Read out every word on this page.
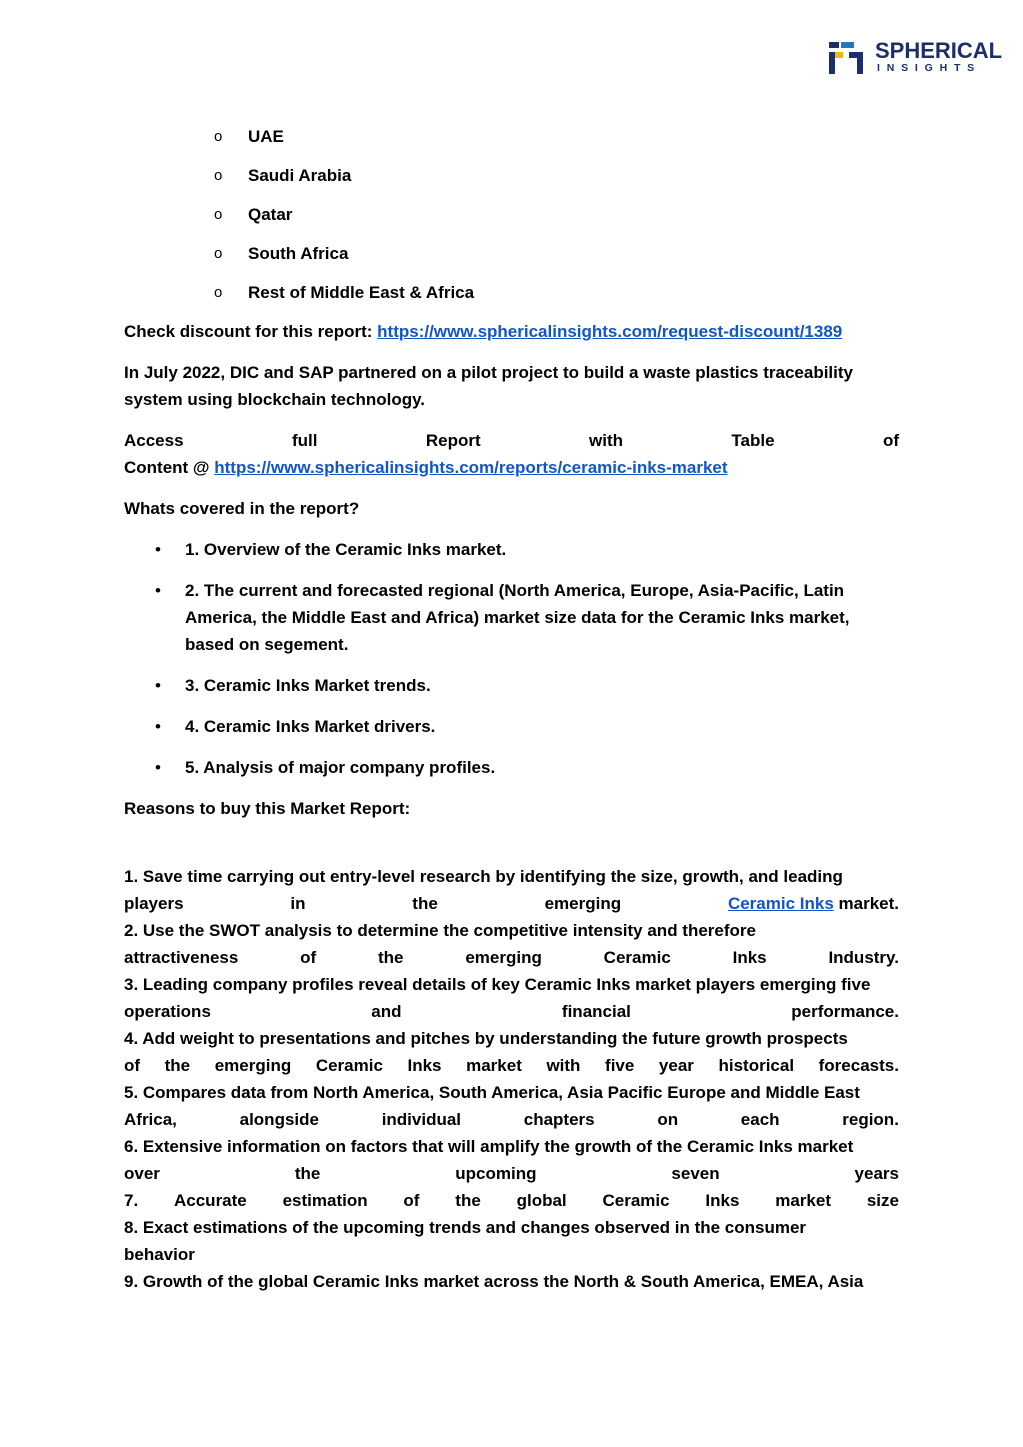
SPHERICAL
INSIGHTS
o UAE
o Saudi Arabia
o Qatar
o South Africa
o Rest of Middle East & Africa
Check discount for this report: https://www.sphericalinsights.com/request-discount/1389
In July 2022, DIC and SAP partnered on a pilot project to build a waste plastics traceability
system using blockchain technology.
Access	full	Report	with	Table	of
Content @ https://www.sphericalinsights.com/reports/ceramic-inks-market
Whats covered in the report?
• 1. Overview of the Ceramic Inks market.
• 2. The current and forecasted regional (North America, Europe, Asia-Pacific, Latin
America, the Middle East and Africa) market size data for the Ceramic Inks market,
based on segement.
• 3. Ceramic Inks Market trends.
• 4. Ceramic Inks Market drivers.
• 5. Analysis of major company profiles.
Reasons to buy this Market Report:
1. Save time carrying out entry-level research by identifying the size, growth, and leading
players	in	the	emerging	Ceramic Inks market.
2. Use the SWOT analysis to determine the competitive intensity and therefore
attractiveness	of	the	emerging	Ceramic	Inks	Industry.
3. Leading company profiles reveal details of key Ceramic Inks market players emerging five
operations	and	financial	performance.
4. Add weight to presentations and pitches by understanding the future growth prospects
of the emerging Ceramic Inks market with five year historical forecasts.
5. Compares data from North America, South America, Asia Pacific Europe and Middle East
Africa,	alongside	individual	chapters	on	each	region.
6. Extensive information on factors that will amplify the growth of the Ceramic Inks market
over	the	upcoming	seven	years
7. Accurate estimation of the global Ceramic Inks market size
8. Exact estimations of the upcoming trends and changes observed in the consumer
behavior
9. Growth of the global Ceramic Inks market across the North & South America, EMEA, Asia
